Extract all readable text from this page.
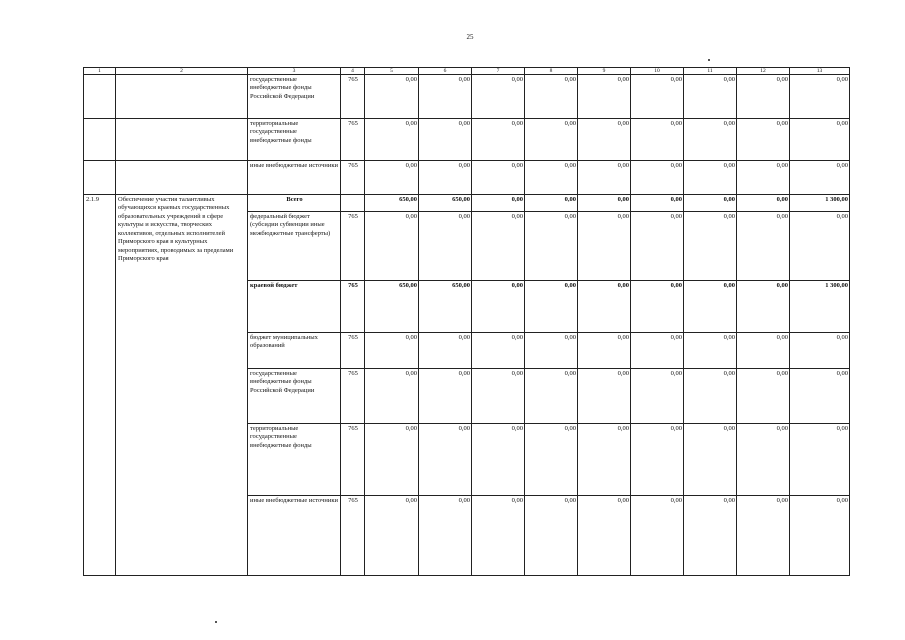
25
1	2	3	4	5	6	7	8	9	10	11	12	13
		государственные внебюджетные фонды Российской Федерации	765	0,00	0,00	0,00	0,00	0,00	0,00	0,00	0,00	0,00
		территориальные государственные внебюджетные фонды	765	0,00	0,00	0,00	0,00	0,00	0,00	0,00	0,00	0,00
		иные внебюджетные источники	765	0,00	0,00	0,00	0,00	0,00	0,00	0,00	0,00	0,00
2.1.9	Обеспечение участия талантливых обучающихся краевых государственных образовательных учреждений в сфере культуры и искусства, творческих коллективов, отдельных исполнителей Приморского края в культурных мероприятиях, проводимых за пределами Приморского края	Всего		650,00	650,00	0,00	0,00	0,00	0,00	0,00	0,00	1 300,00
		федеральный бюджет (субсидии субвенции иные межбюджетные трансферты)	765	0,00	0,00	0,00	0,00	0,00	0,00	0,00	0,00	0,00
		краевой бюджет	765	650,00	650,00	0,00	0,00	0,00	0,00	0,00	0,00	1 300,00
		бюджет муниципальных образований	765	0,00	0,00	0,00	0,00	0,00	0,00	0,00	0,00	0,00
		государственные внебюджетные фонды Российской Федерации	765	0,00	0,00	0,00	0,00	0,00	0,00	0,00	0,00	0,00
		территориальные государственные внебюджетные фонды	765	0,00	0,00	0,00	0,00	0,00	0,00	0,00	0,00	0,00
		иные внебюджетные источники	765	0,00	0,00	0,00	0,00	0,00	0,00	0,00	0,00	0,00
